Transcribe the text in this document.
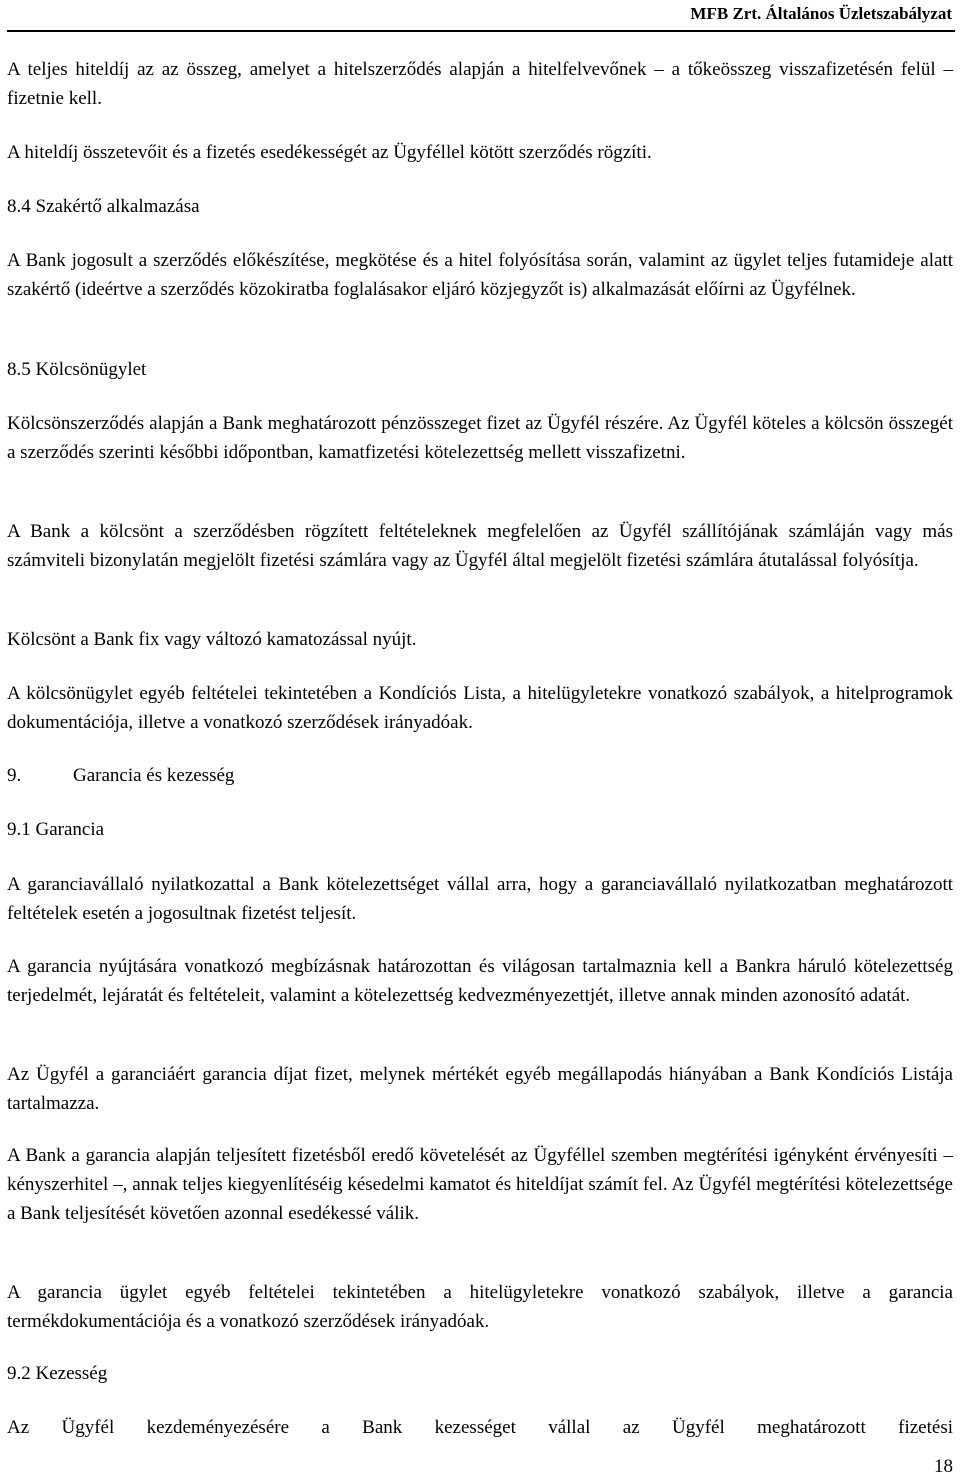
MFB Zrt. Általános Üzletszabályzat

A teljes hiteldíj az az összeg, amelyet a hitelszerződés alapján a hitelfelvevőnek – a tőkeösszeg visszafizetésén felül – fizetnie kell.

A hiteldíj összetevőit és a fizetés esedékességét az Ügyféllel kötött szerződés rögzíti.

8.4 Szakértő alkalmazása

A Bank jogosult a szerződés előkészítése, megkötése és a hitel folyósítása során, valamint az ügylet teljes futamideje alatt szakértő (ideértve a szerződés közokiratba foglalásakor eljáró közjegyzőt is) alkalmazását előírni az Ügyfélnek.

8.5 Kölcsönügylet

Kölcsönszerződés alapján a Bank meghatározott pénzösszeget fizet az Ügyfél részére. Az Ügyfél köteles a kölcsön összegét a szerződés szerinti későbbi időpontban, kamatfizetési kötelezettség mellett visszafizetni.

A Bank a kölcsönt a szerződésben rögzített feltételeknek megfelelően az Ügyfél szállítójának számláján vagy más számviteli bizonylatán megjelölt fizetési számlára vagy az Ügyfél által megjelölt fizetési számlára átutalással folyósítja.

Kölcsönt a Bank fix vagy változó kamatozással nyújt.

A kölcsönügylet egyéb feltételei tekintetében a Kondíciós Lista, a hitelügyletekre vonatkozó szabályok, a hitelprogramok dokumentációja, illetve a vonatkozó szerződések irányadóak.

9.	Garancia és kezesség

9.1 Garancia

A garanciavállaló nyilatkozattal a Bank kötelezettséget vállal arra, hogy a garanciavállaló nyilatkozatban meghatározott feltételek esetén a jogosultnak fizetést teljesít.

A garancia nyújtására vonatkozó megbízásnak határozottan és világosan tartalmaznia kell a Bankra háruló kötelezettség terjedelmét, lejáratát és feltételeit, valamint a kötelezettség kedvezményezettjét, illetve annak minden azonosító adatát.

Az Ügyfél a garanciáért garancia díjat fizet, melynek mértékét egyéb megállapodás hiányában a Bank Kondíciós Listája tartalmazza.

A Bank a garancia alapján teljesített fizetésből eredő követelését az Ügyféllel szemben megtérítési igényként érvényesíti – kényszerhitel –, annak teljes kiegyenlítéséig késedelmi kamatot és hiteldíjat számít fel. Az Ügyfél megtérítési kötelezettsége a Bank teljesítését követően azonnal esedékessé válik.

A garancia ügylet egyéb feltételei tekintetében a hitelügyletekre vonatkozó szabályok, illetve a garancia termékdokumentációja és a vonatkozó szerződések irányadóak.

9.2 Kezesség

Az Ügyfél kezdeményezésére a Bank kezességet vállal az Ügyfél meghatározott fizetési

18
